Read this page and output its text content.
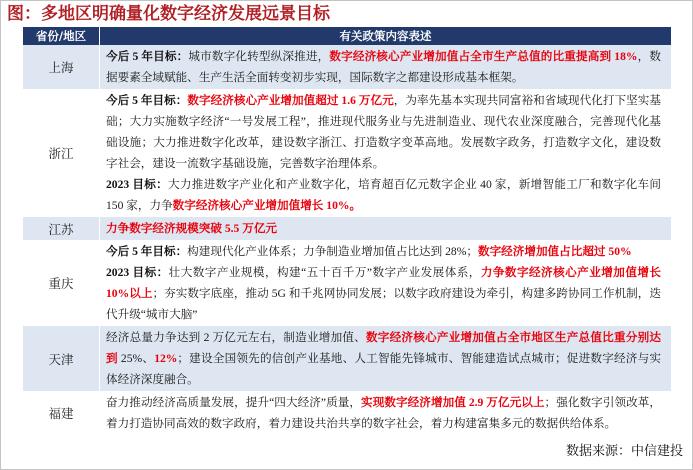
图：多地区明确量化数字经济发展远景目标
省份/地区	有关政策内容表述
上海

今后 5 年目标：城市数字化转型纵深推进，数字经济核心产业增加值占全市生产总值的比重提高到 18%，数据要素全域赋能、生产生活全面转变初步实现，国际数字之都建设形成基本框架。

浙江

今后 5 年目标：数字经济核心产业增加值超过 1.6 万亿元，为率先基本实现共同富裕和省域现代化打下坚实基础；大力实施数字经济“一号发展工程”，推进现代服务业与先进制造业、现代农业深度融合，完善现代化基础设施；大力推进数字化改革，建设数字浙江、打造数字变革高地。发展数字政务，打造数字文化，建设数字社会，建设一流数字基础设施，完善数字治理体系。

2023 目标：大力推进数字产业化和产业数字化，培育超百亿元数字企业 40 家，新增智能工厂和数字化车间 150 家，力争数字经济核心产业增加值增长 10%。

江苏	力争数字经济规模突破 5.5 万亿元

重庆

今后 5 年目标：构建现代化产业体系；力争制造业增加值占比达到 28%；数字经济增加值占比超过 50%

2023 目标：壮大数字产业规模，构建“五十百千万”数字产业发展体系，力争数字经济核心产业增加值增长 10%以上；夯实数字底座，推动 5G 和千兆网协同发展；以数字政府建设为牵引，构建多跨协同工作机制，迭代升级“城市大脑”

天津

经济总量力争达到 2 万亿元左右，制造业增加值、数字经济核心产业增加值占全市地区生产总值比重分别达到 25%、12%；建设全国领先的信创产业基地、人工智能先锋城市、智能建造试点城市；促进数字经济与实体经济深度融合。

福建

奋力推动经济高质量发展，提升“四大经济”质量，实现数字经济增加值 2.9 万亿元以上；强化数字引领改革，着力打造协同高效的数字政府，着力建设共治共享的数字社会，着力构建富集多元的数据供给体系。

数据来源：中信建投
